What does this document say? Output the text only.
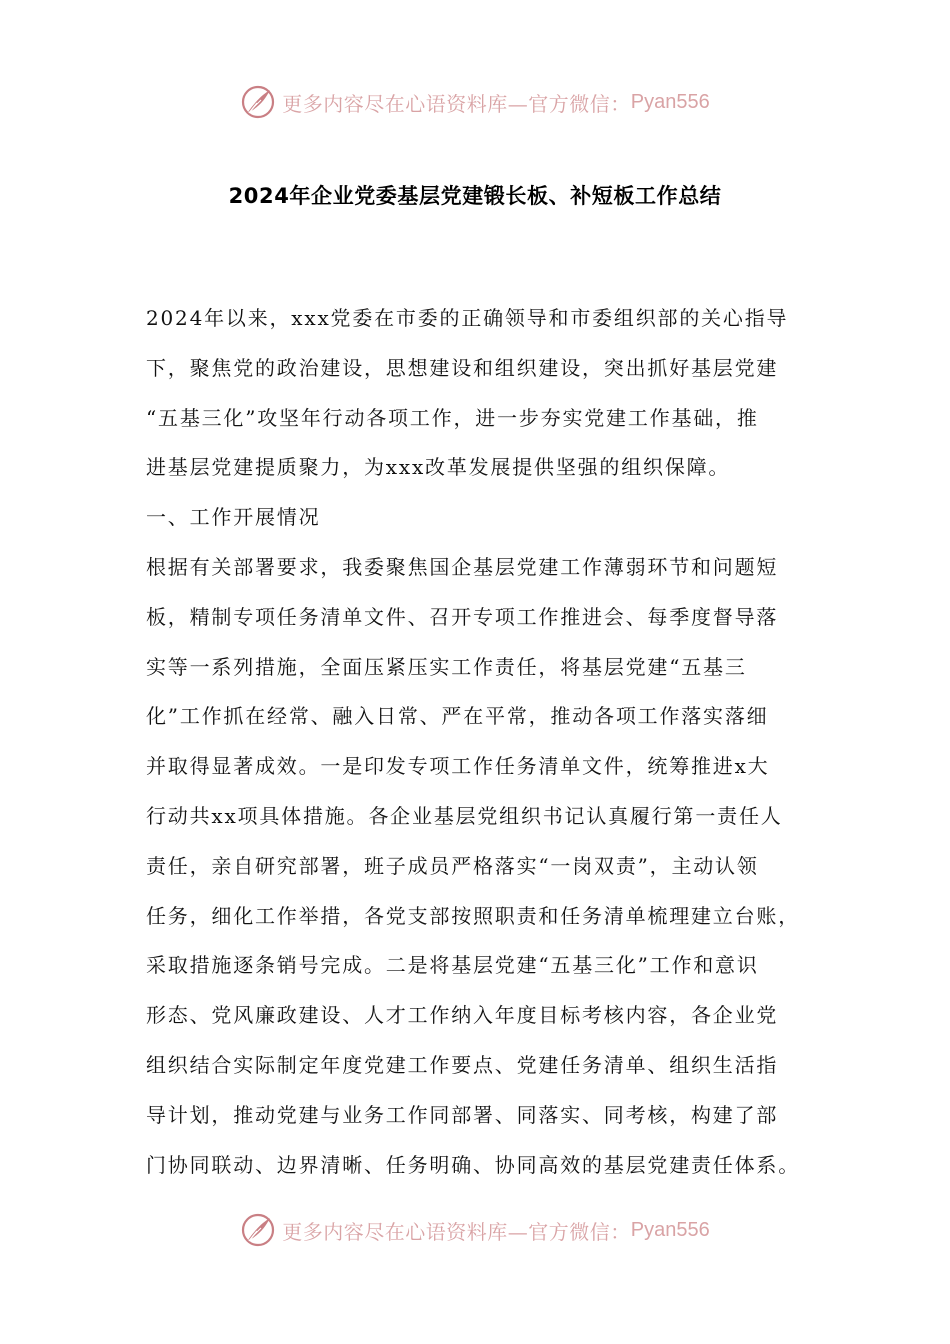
更多内容尽在心语资料库—官方微信： Pyan556
2024年企业党委基层党建锻长板、补短板工作总结
2024年以来，xxx党委在市委的正确领导和市委组织部的关心指导
下，聚焦党的政治建设，思想建设和组织建设，突出抓好基层党建
“五基三化”攻坚年行动各项工作，进一步夯实党建工作基础，推
进基层党建提质聚力，为xxx改革发展提供坚强的组织保障。
一、工作开展情况
根据有关部署要求，我委聚焦国企基层党建工作薄弱环节和问题短
板，精制专项任务清单文件、召开专项工作推进会、每季度督导落
实等一系列措施，全面压紧压实工作责任，将基层党建“五基三
化”工作抓在经常、融入日常、严在平常，推动各项工作落实落细
并取得显著成效。一是印发专项工作任务清单文件，统筹推进x大
行动共xx项具体措施。各企业基层党组织书记认真履行第一责任人
责任，亲自研究部署，班子成员严格落实“一岗双责”，主动认领
任务，细化工作举措，各党支部按照职责和任务清单梳理建立台账，
采取措施逐条销号完成。二是将基层党建“五基三化”工作和意识
形态、党风廉政建设、人才工作纳入年度目标考核内容，各企业党
组织结合实际制定年度党建工作要点、党建任务清单、组织生活指
导计划，推动党建与业务工作同部署、同落实、同考核，构建了部
门协同联动、边界清晰、任务明确、协同高效的基层党建责任体系。
更多内容尽在心语资料库—官方微信： Pyan556
